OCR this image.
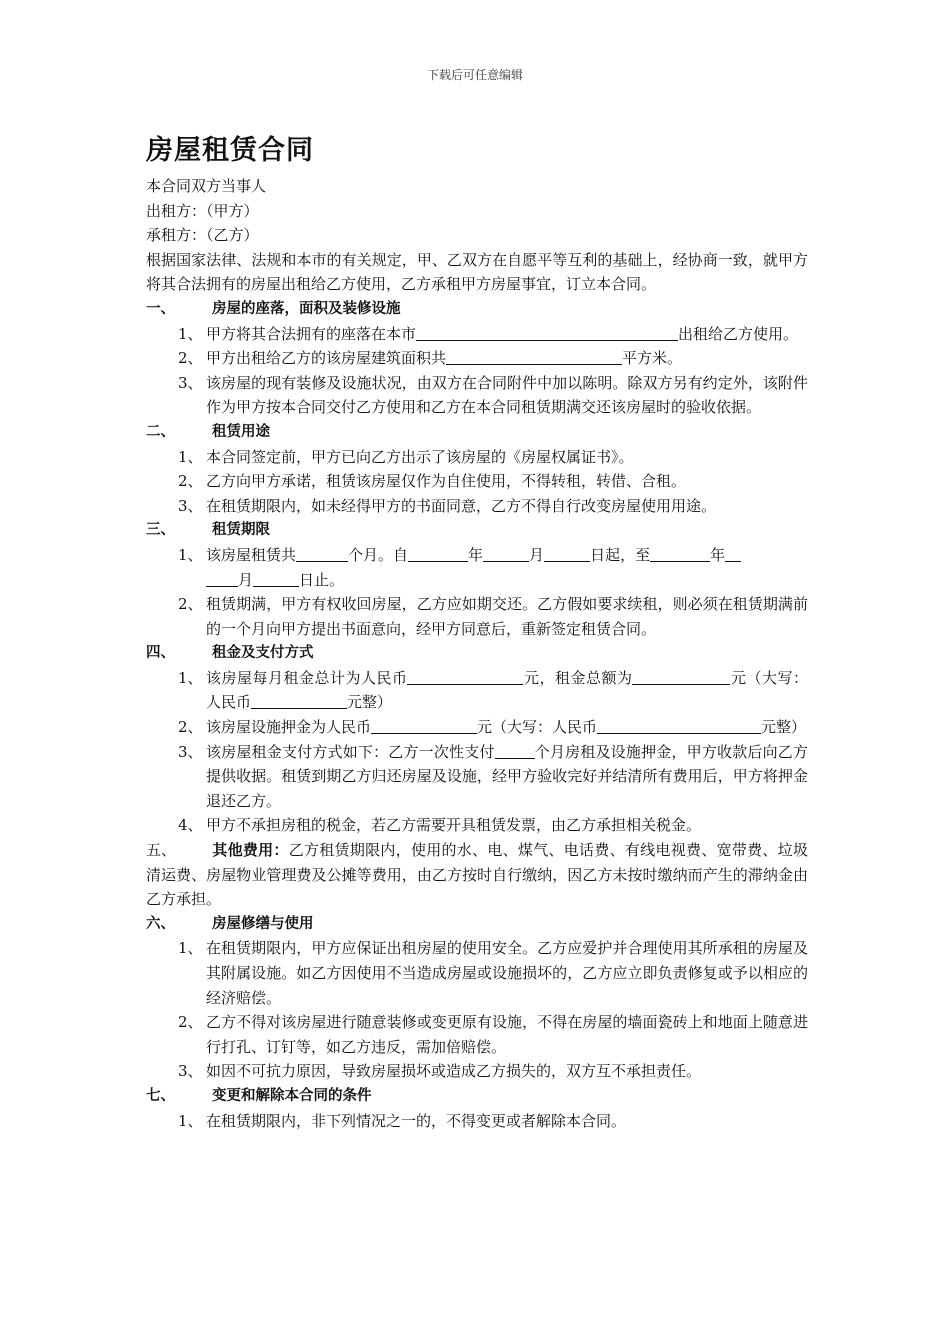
下载后可任意编辑
房屋租赁合同
本合同双方当事人
出租方：（甲方）
承租方：（乙方）
根据国家法律、法规和本市的有关规定，甲、乙双方在自愿平等互利的基础上，经协商一致，就甲方将其合法拥有的房屋出租给乙方使用，乙方承租甲方房屋事宜，订立本合同。
一、	房屋的座落，面积及装修设施
1、 甲方将其合法拥有的座落在本市	出租给乙方使用。
2、 甲方出租给乙方的该房屋建筑面积共	平方米。
3、 该房屋的现有装修及设施状况，由双方在合同附件中加以陈明。除双方另有约定外，该附件作为甲方按本合同交付乙方使用和乙方在本合同租赁期满交还该房屋时的验收依据。
二、	租赁用途
1、 本合同签定前，甲方已向乙方出示了该房屋的《房屋权属证书》。
2、 乙方向甲方承诺，租赁该房屋仅作为自住使用，不得转租，转借、合租。
3、 在租赁期限内，如未经得甲方的书面同意，乙方不得自行改变房屋使用用途。
三、	租赁期限
1、 该房屋租赁共	个月。自	年	月	日起，至	年
月	日止。
2、 租赁期满，甲方有权收回房屋，乙方应如期交还。乙方假如要求续租，则必须在租赁期满前的一个月向甲方提出书面意向，经甲方同意后，重新签定租赁合同。
四、	租金及支付方式
1、 该房屋每月租金总计为人民币	元，租金总额为	元（大写：人民币	元整）
2、 该房屋设施押金为人民币	元（大写：人民币	元整）
3、 该房屋租金支付方式如下：乙方一次性支付	个月房租及设施押金，甲方收款后向乙方提供收据。租赁到期乙方归还房屋及设施，经甲方验收完好并结清所有费用后，甲方将押金退还乙方。
4、 甲方不承担房租的税金，若乙方需要开具租赁发票，由乙方承担相关税金。
五、 其他费用：乙方租赁期限内，使用的水、电、煤气、电话费、有线电视费、宽带费、垃圾清运费、房屋物业管理费及公摊等费用，由乙方按时自行缴纳，因乙方未按时缴纳而产生的滞纳金由乙方承担。
六、	房屋修缮与使用
1、 在租赁期限内，甲方应保证出租房屋的使用安全。乙方应爱护并合理使用其所承租的房屋及其附属设施。如乙方因使用不当造成房屋或设施损坏的，乙方应立即负责修复或予以相应的经济赔偿。
2、 乙方不得对该房屋进行随意装修或变更原有设施，不得在房屋的墙面瓷砖上和地面上随意进行打孔、订钉等，如乙方违反，需加倍赔偿。
3、 如因不可抗力原因，导致房屋损坏或造成乙方损失的，双方互不承担责任。
七、	变更和解除本合同的条件
1、 在租赁期限内，非下列情况之一的，不得变更或者解除本合同。
